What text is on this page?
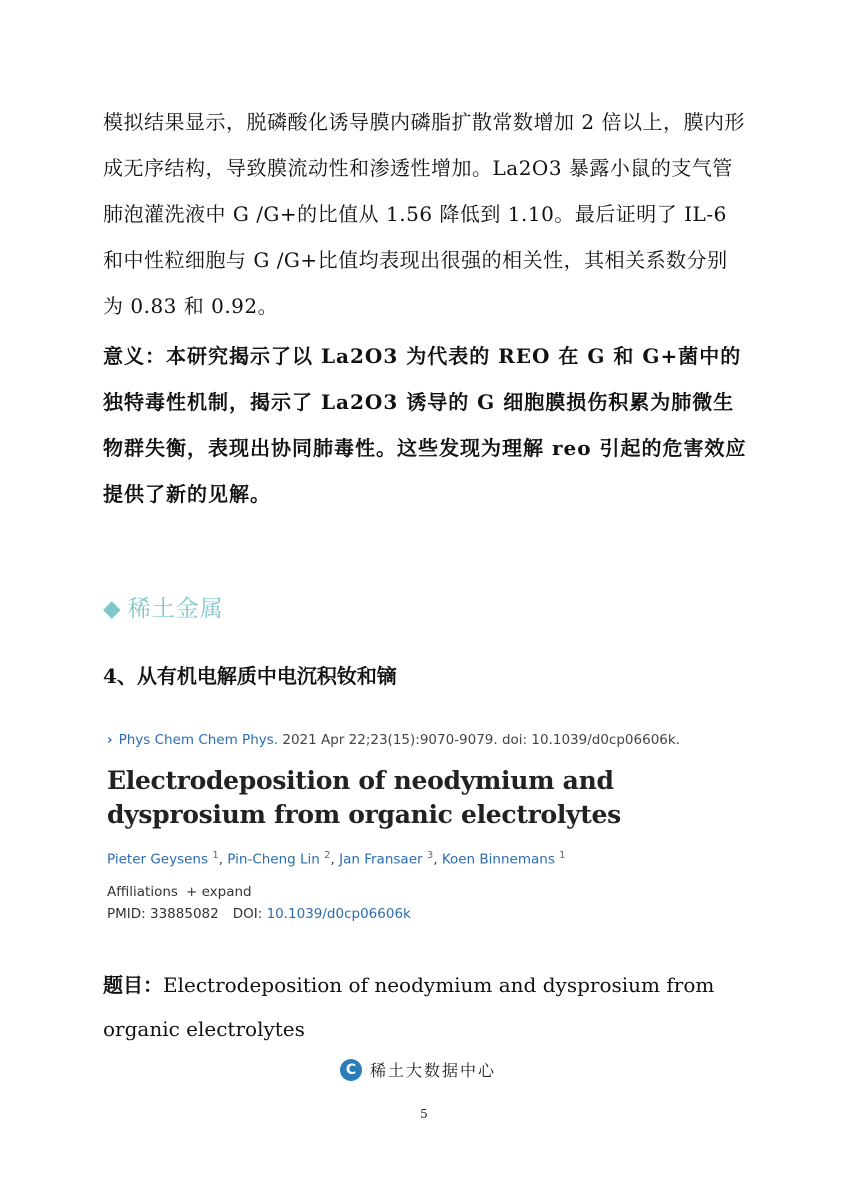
模拟结果显示，脱磷酸化诱导膜内磷脂扩散常数增加 2 倍以上，膜内形成无序结构，导致膜流动性和渗透性增加。La2O3 暴露小鼠的支气管肺泡灌洗液中 G /G+的比值从 1.56 降低到 1.10。最后证明了 IL-6 和中性粒细胞与 G /G+比值均表现出很强的相关性，其相关系数分别为 0.83 和 0.92。

意义：本研究揭示了以 La2O3 为代表的 REO 在 G 和 G+菌中的独特毒性机制，揭示了 La2O3 诱导的 G 细胞膜损伤积累为肺微生物群失衡，表现出协同肺毒性。这些发现为理解 reo 引起的危害效应提供了新的见解。

◆ 稀土金属
4、从有机电解质中电沉积钕和镝
› Phys Chem Chem Phys. 2021 Apr 22;23(15):9070-9079. doi: 10.1039/d0cp06606k.
Electrodeposition of neodymium and dysprosium from organic electrolytes
Pieter Geysens $^1$, Pin-Cheng Lin $^2$, Jan Fransaer $^3$, Koen Binnemans $^1$
Affiliations + expand
PMID: 33885082 DOI: 10.1039/d0cp06606k

题目：Electrodeposition of neodymium and dysprosium from organic electrolytes

C 稀土大数据中心
5
